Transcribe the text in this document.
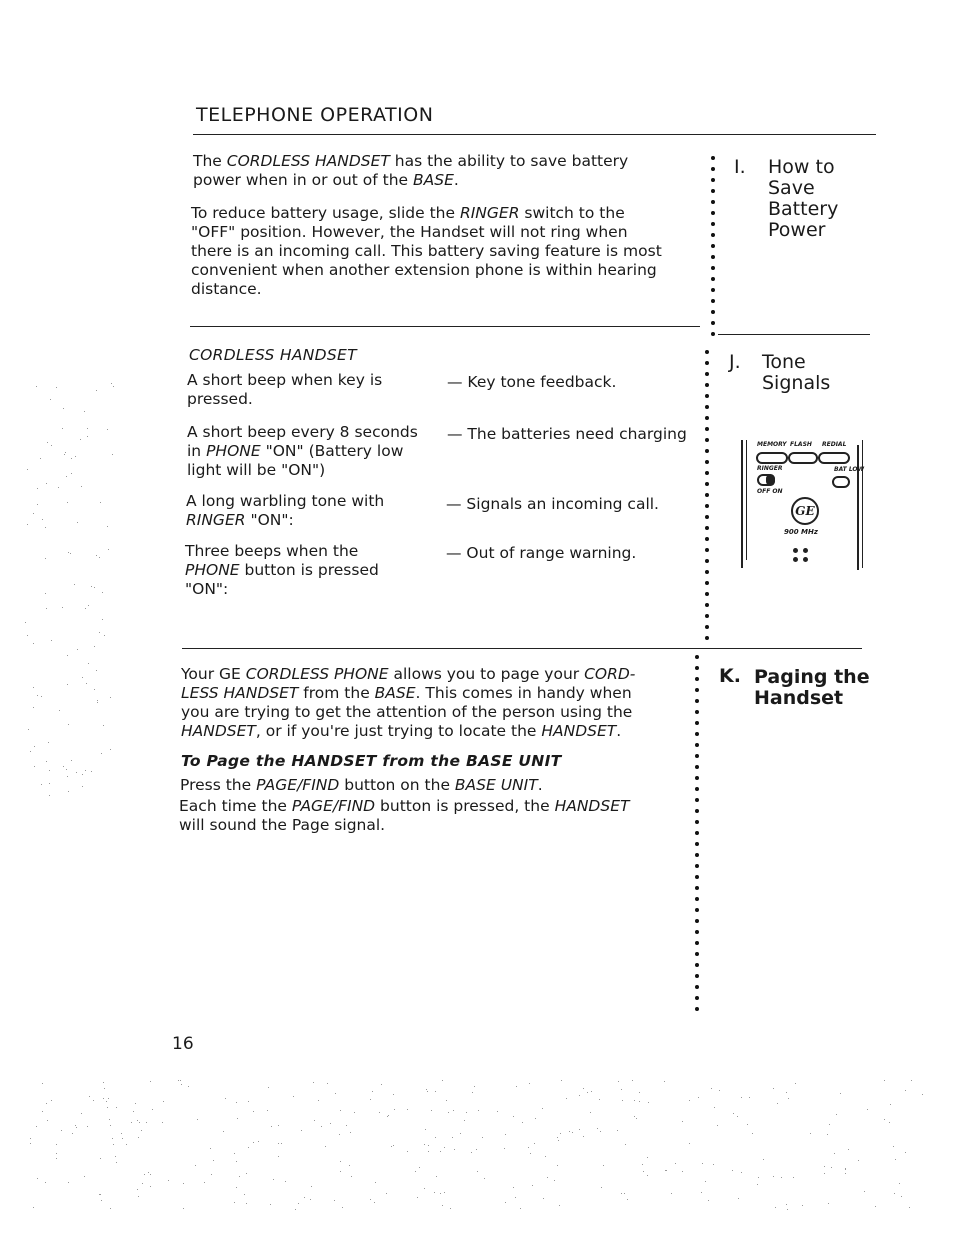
TELEPHONE OPERATION

The CORDLESS HANDSET has the ability to save battery
power when in or out of the BASE.

To reduce battery usage, slide the RINGER switch to the
"OFF" position. However, the Handset will not ring when
there is an incoming call. This battery saving feature is most
convenient when another extension phone is within hearing
distance.

I. How to
Save
Battery
Power
CORDLESS HANDSET	J. Tone
Signals

A short beep when key is
pressed.

— Key tone feedback.

A short beep every 8 seconds
in PHONE "ON" (Battery low
light will be "ON")

— The batteries need charging

A long warbling tone with
RINGER "ON":

— Signals an incoming call.

Three beeps when the
PHONE button is pressed
"ON":

— Out of range warning.

MEMORY FLASH REDIAL
RINGER	BAT LOW
OFF ON
GE
900 MHz

Your GE CORDLESS PHONE allows you to page your CORD-
LESS HANDSET from the BASE. This comes in handy when
you are trying to get the attention of the person using the
HANDSET, or if you're just trying to locate the HANDSET.

K. Paging the
Handset
To Page the HANDSET from the BASE UNIT

Press the PAGE/FIND button on the BASE UNIT.

Each time the PAGE/FIND button is pressed, the HANDSET
will sound the Page signal.

16
